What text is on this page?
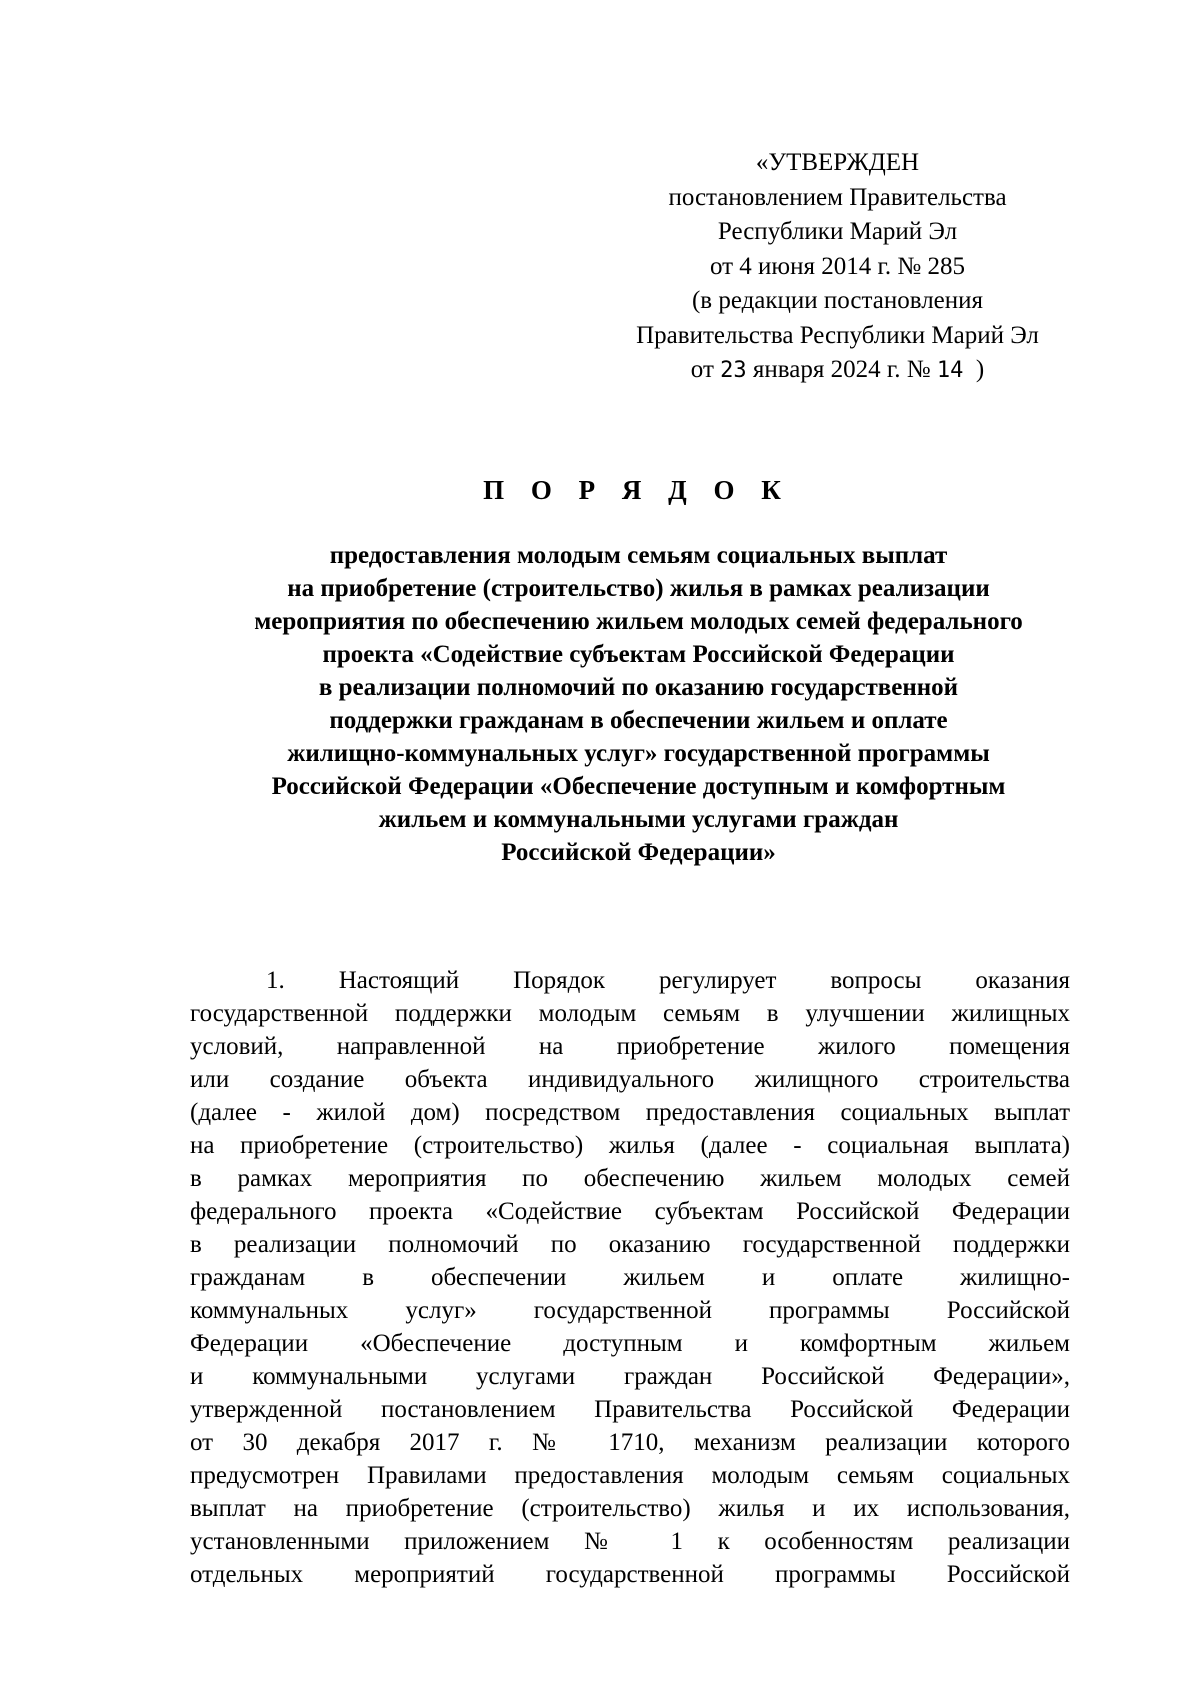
«УТВЕРЖДЕН
постановлением Правительства
Республики Марий Эл
от 4 июня 2014 г. № 285
(в редакции постановления
Правительства Республики Марий Эл
от 23 января 2024 г. № 14 )
П О Р Я Д О К
предоставления молодым семьям социальных выплат
на приобретение (строительство) жилья в рамках реализации
мероприятия по обеспечению жильем молодых семей федерального
проекта «Содействие субъектам Российской Федерации
в реализации полномочий по оказанию государственной
поддержки гражданам в обеспечении жильем и оплате
жилищно-коммунальных услуг» государственной программы
Российской Федерации «Обеспечение доступным и комфортным
жильем и коммунальными услугами граждан
Российской Федерации»
1. Настоящий Порядок регулирует вопросы оказания
государственной поддержки молодым семьям в улучшении жилищных
условий, направленной на приобретение жилого помещения
или создание объекта индивидуального жилищного строительства
(далее - жилой дом) посредством предоставления социальных выплат
на приобретение (строительство) жилья (далее - социальная выплата)
в рамках мероприятия по обеспечению жильем молодых семей
федерального проекта «Содействие субъектам Российской Федерации
в реализации полномочий по оказанию государственной поддержки
гражданам в обеспечении жильем и оплате жилищно-
коммунальных услуг» государственной программы Российской
Федерации «Обеспечение доступным и комфортным жильем
и коммунальными услугами граждан Российской Федерации»,
утвержденной постановлением Правительства Российской Федерации
от 30 декабря 2017 г. № 1710, механизм реализации которого
предусмотрен Правилами предоставления молодым семьям социальных
выплат на приобретение (строительство) жилья и их использования,
установленными приложением № 1 к особенностям реализации
отдельных мероприятий государственной программы Российской
